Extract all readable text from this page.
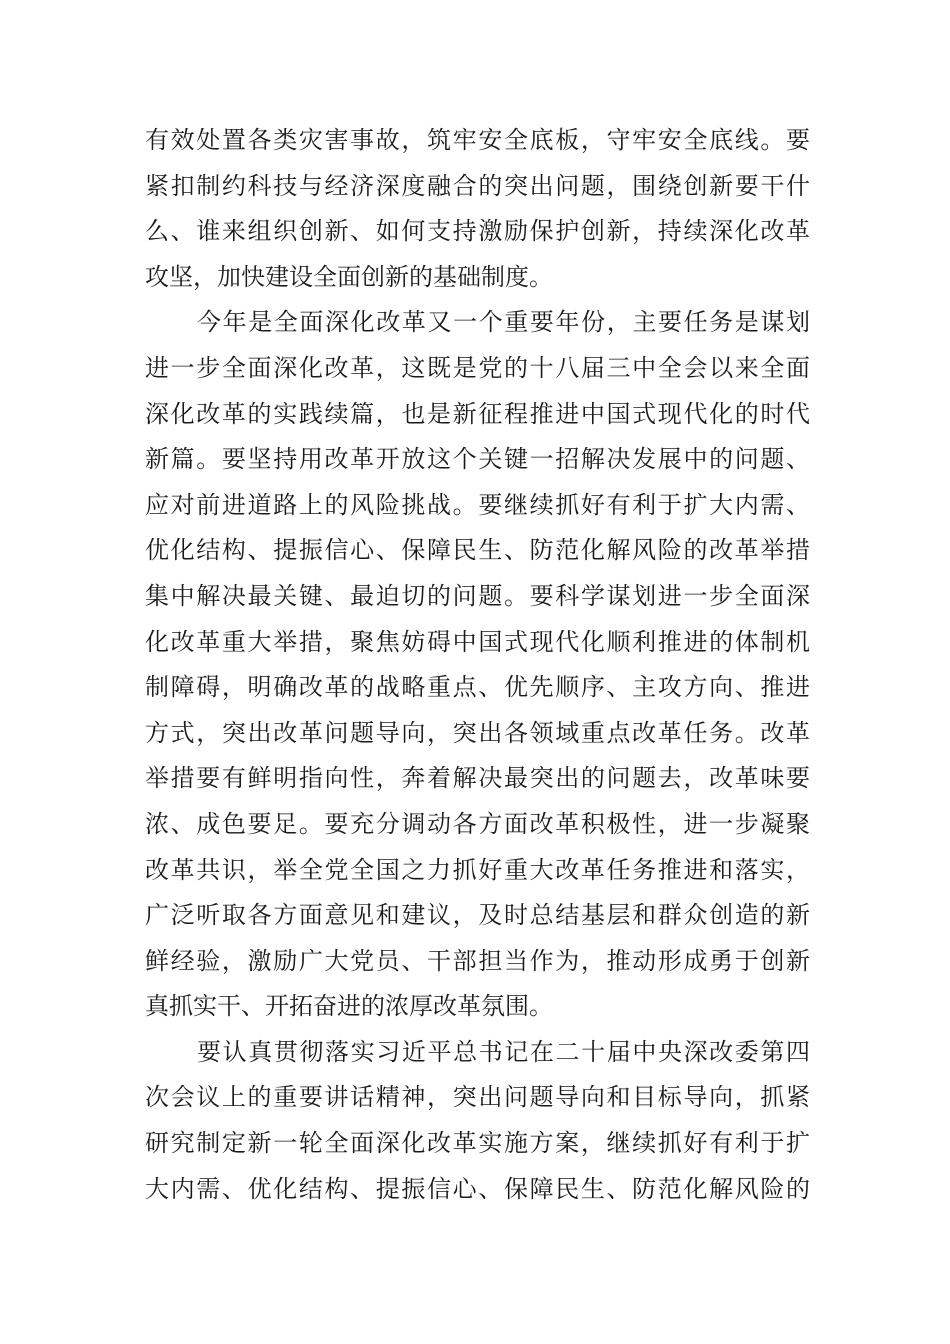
有效处置各类灾害事故，筑牢安全底板，守牢安全底线。要
紧扣制约科技与经济深度融合的突出问题，围绕创新要干什
么、谁来组织创新、如何支持激励保护创新，持续深化改革
攻坚，加快建设全面创新的基础制度。

今年是全面深化改革又一个重要年份，主要任务是谋划
进一步全面深化改革，这既是党的十八届三中全会以来全面
深化改革的实践续篇，也是新征程推进中国式现代化的时代
新篇。要坚持用改革开放这个关键一招解决发展中的问题、
应对前进道路上的风险挑战。要继续抓好有利于扩大内需、
优化结构、提振信心、保障民生、防范化解风险的改革举措
集中解决最关键、最迫切的问题。要科学谋划进一步全面深
化改革重大举措，聚焦妨碍中国式现代化顺利推进的体制机
制障碍，明确改革的战略重点、优先顺序、主攻方向、推进
方式，突出改革问题导向，突出各领域重点改革任务。改革
举措要有鲜明指向性，奔着解决最突出的问题去，改革味要
浓、成色要足。要充分调动各方面改革积极性，进一步凝聚
改革共识，举全党全国之力抓好重大改革任务推进和落实，
广泛听取各方面意见和建议，及时总结基层和群众创造的新
鲜经验，激励广大党员、干部担当作为，推动形成勇于创新
真抓实干、开拓奋进的浓厚改革氛围。

要认真贯彻落实习近平总书记在二十届中央深改委第四
次会议上的重要讲话精神，突出问题导向和目标导向，抓紧
研究制定新一轮全面深化改革实施方案，继续抓好有利于扩
大内需、优化结构、提振信心、保障民生、防范化解风险的
